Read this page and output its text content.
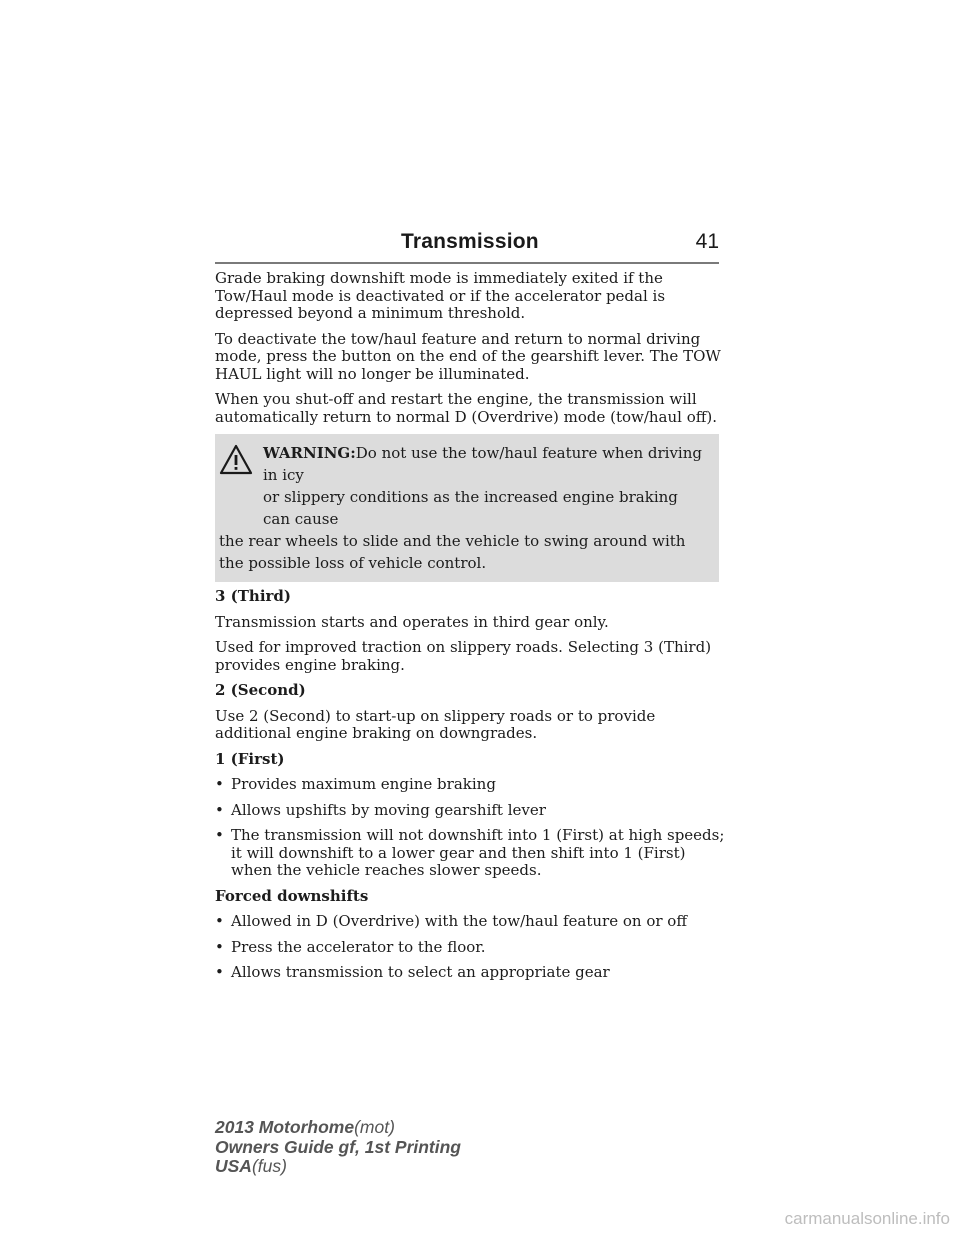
Transmission	41

Grade braking downshift mode is immediately exited if the Tow/Haul mode is deactivated or if the accelerator pedal is depressed beyond a minimum threshold.

To deactivate the tow/haul feature and return to normal driving mode, press the button on the end of the gearshift lever. The TOW HAUL light will no longer be illuminated.

When you shut-off and restart the engine, the transmission will automatically return to normal D (Overdrive) mode (tow/haul off).

WARNING:Do not use the tow/haul feature when driving in icy
or slippery conditions as the increased engine braking can cause
the rear wheels to slide and the vehicle to swing around with the possible loss of vehicle control.

3 (Third)

Transmission starts and operates in third gear only.

Used for improved traction on slippery roads. Selecting 3 (Third) provides engine braking.

2 (Second)

Use 2 (Second) to start-up on slippery roads or to provide additional engine braking on downgrades.

1 (First)

• Provides maximum engine braking
• Allows upshifts by moving gearshift lever
• The transmission will not downshift into 1 (First) at high speeds; it will downshift to a lower gear and then shift into 1 (First) when the vehicle reaches slower speeds.

Forced downshifts

• Allowed in D (Overdrive) with the tow/haul feature on or off
• Press the accelerator to the floor.
• Allows transmission to select an appropriate gear
2013 Motorhome(mot)
Owners Guide gf, 1st Printing
USA(fus)
carmanualsonline.info
